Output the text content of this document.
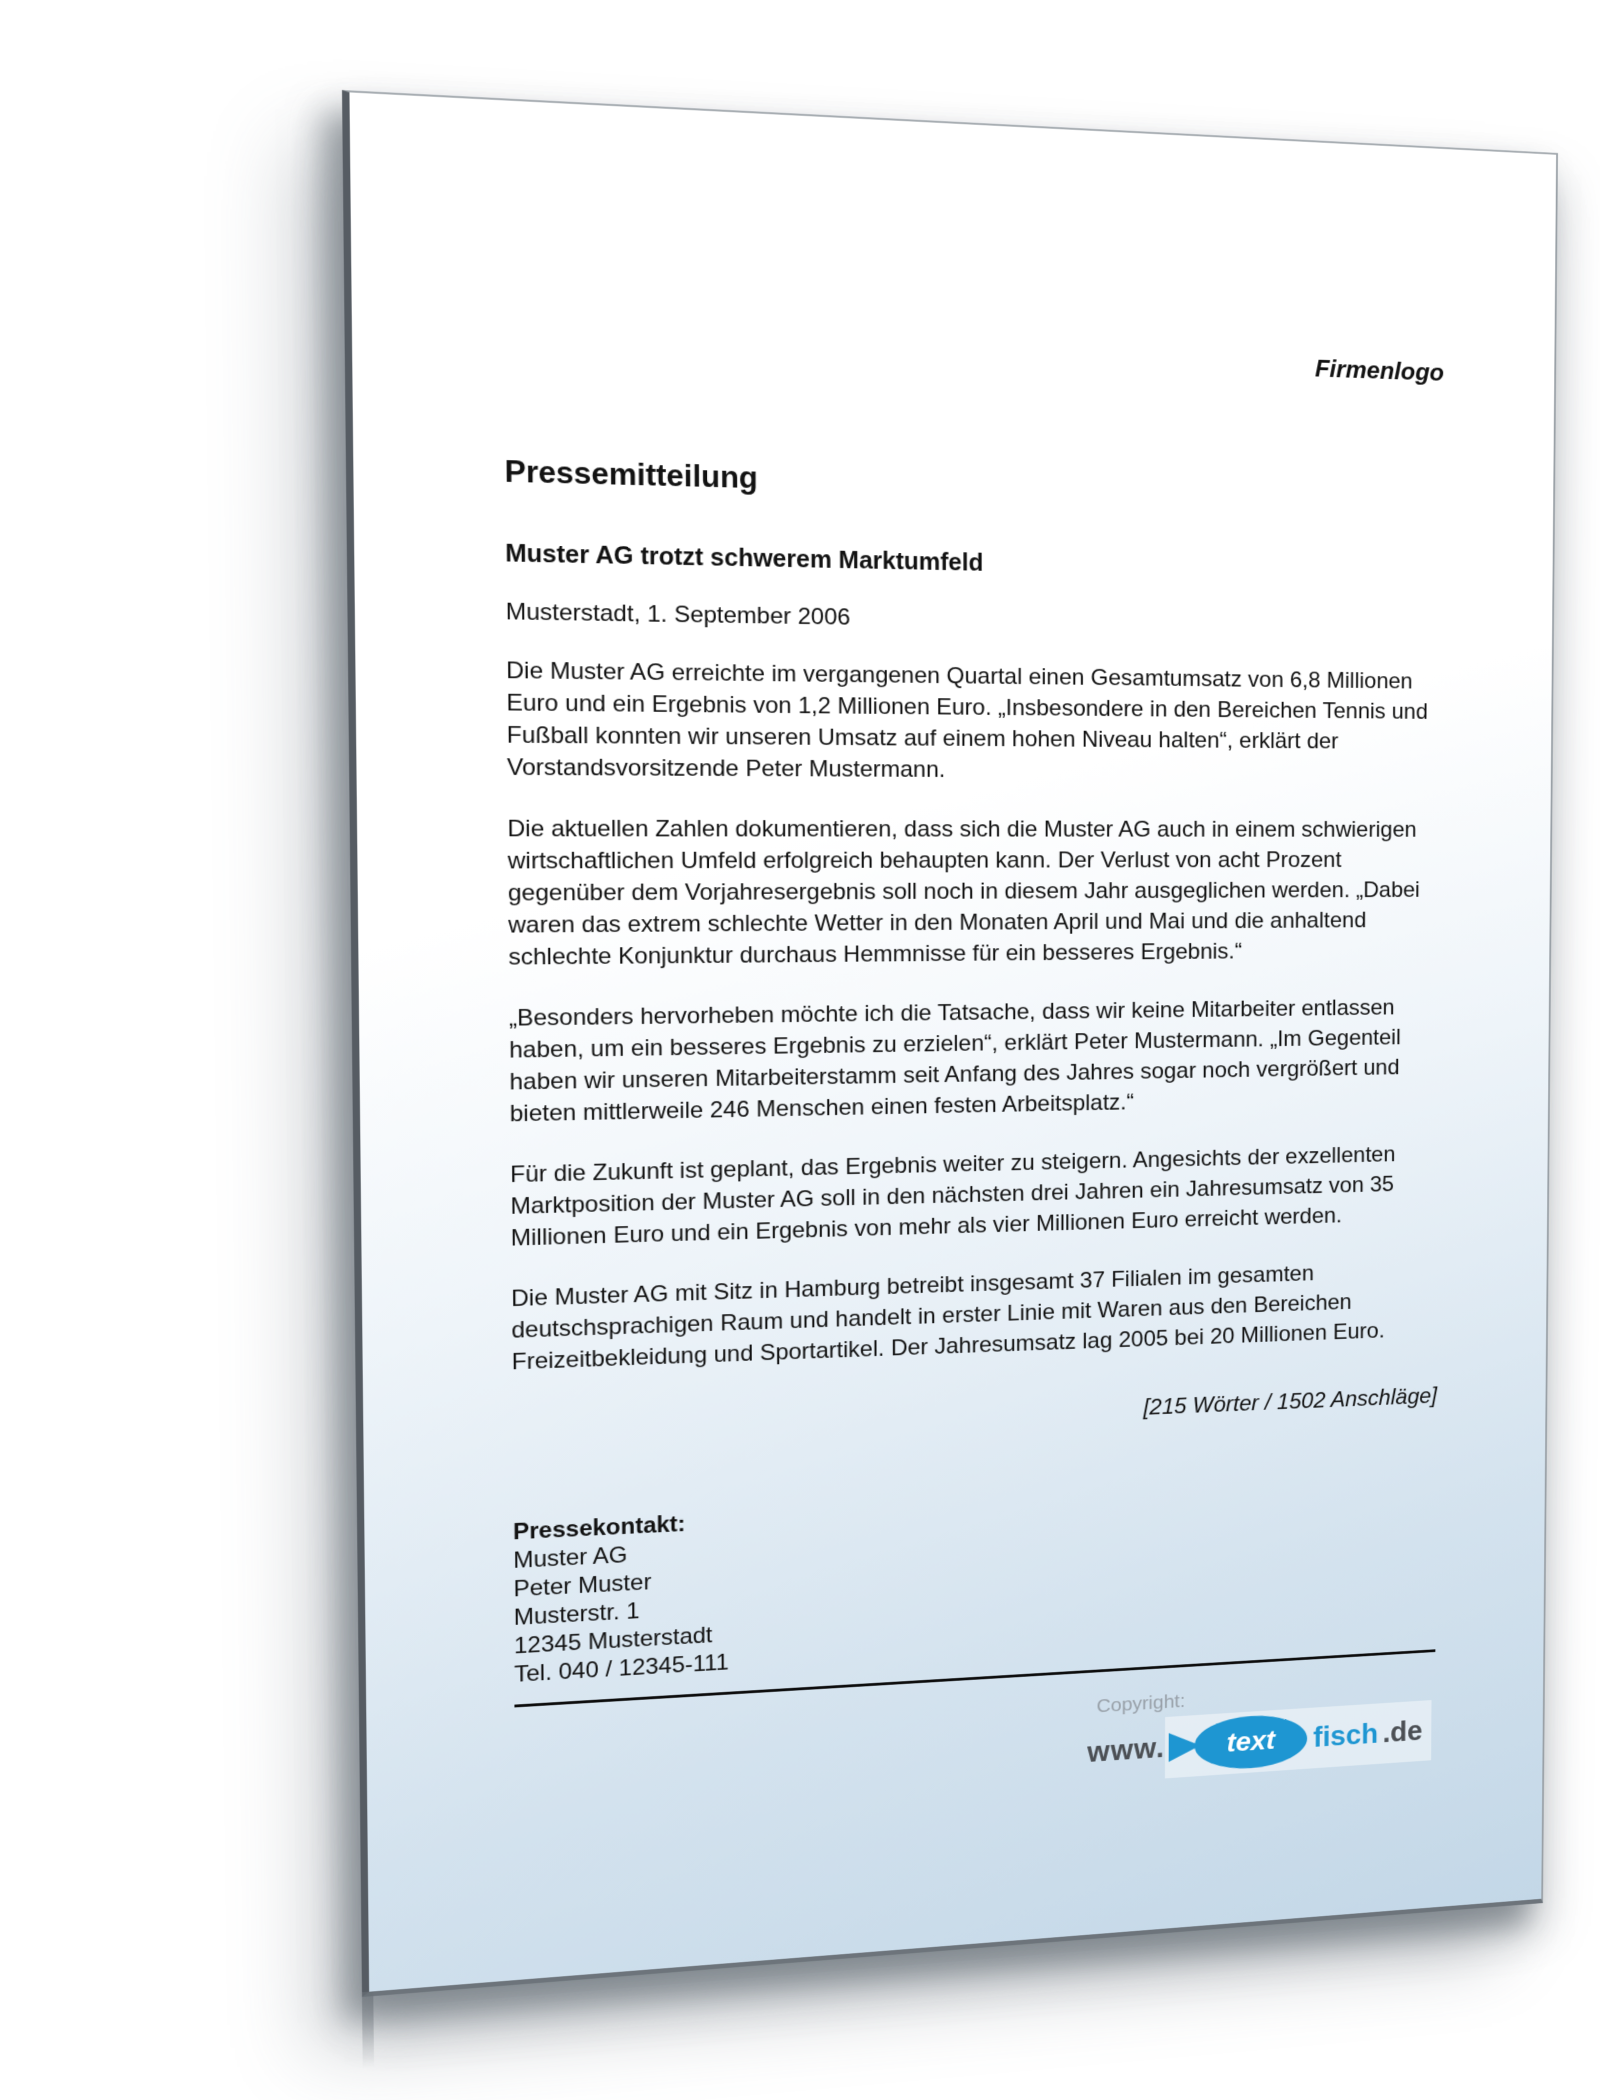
Firmenlogo
Pressemitteilung
Muster AG trotzt schwerem Marktumfeld
Musterstadt, 1. September 2006

Die Muster AG erreichte im vergangenen Quartal einen Gesamtumsatz von 6,8 Millionen Euro und ein Ergebnis von 1,2 Millionen Euro. „Insbesondere in den Bereichen Tennis und Fußball konnten wir unseren Umsatz auf einem hohen Niveau halten“, erklärt der Vorstandsvorsitzende Peter Mustermann.

Die aktuellen Zahlen dokumentieren, dass sich die Muster AG auch in einem schwierigen wirtschaftlichen Umfeld erfolgreich behaupten kann. Der Verlust von acht Prozent gegenüber dem Vorjahresergebnis soll noch in diesem Jahr ausgeglichen werden. „Dabei waren das extrem schlechte Wetter in den Monaten April und Mai und die anhaltend schlechte Konjunktur durchaus Hemmnisse für ein besseres Ergebnis.“

„Besonders hervorheben möchte ich die Tatsache, dass wir keine Mitarbeiter entlassen haben, um ein besseres Ergebnis zu erzielen“, erklärt Peter Mustermann. „Im Gegenteil haben wir unseren Mitarbeiterstamm seit Anfang des Jahres sogar noch vergrößert und bieten mittlerweile 246 Menschen einen festen Arbeitsplatz.“

Für die Zukunft ist geplant, das Ergebnis weiter zu steigern. Angesichts der exzellenten Marktposition der Muster AG soll in den nächsten drei Jahren ein Jahresumsatz von 35 Millionen Euro und ein Ergebnis von mehr als vier Millionen Euro erreicht werden.

Die Muster AG mit Sitz in Hamburg betreibt insgesamt 37 Filialen im gesamten deutschsprachigen Raum und handelt in erster Linie mit Waren aus den Bereichen Freizeitbekleidung und Sportartikel. Der Jahresumsatz lag 2005 bei 20 Millionen Euro.

[215 Wörter / 1502 Anschläge]
Pressekontakt:
Muster AG
Peter Muster
Musterstr. 1
12345 Musterstadt
Tel. 040 / 12345-111
Copyright:
www. text fisch .de
